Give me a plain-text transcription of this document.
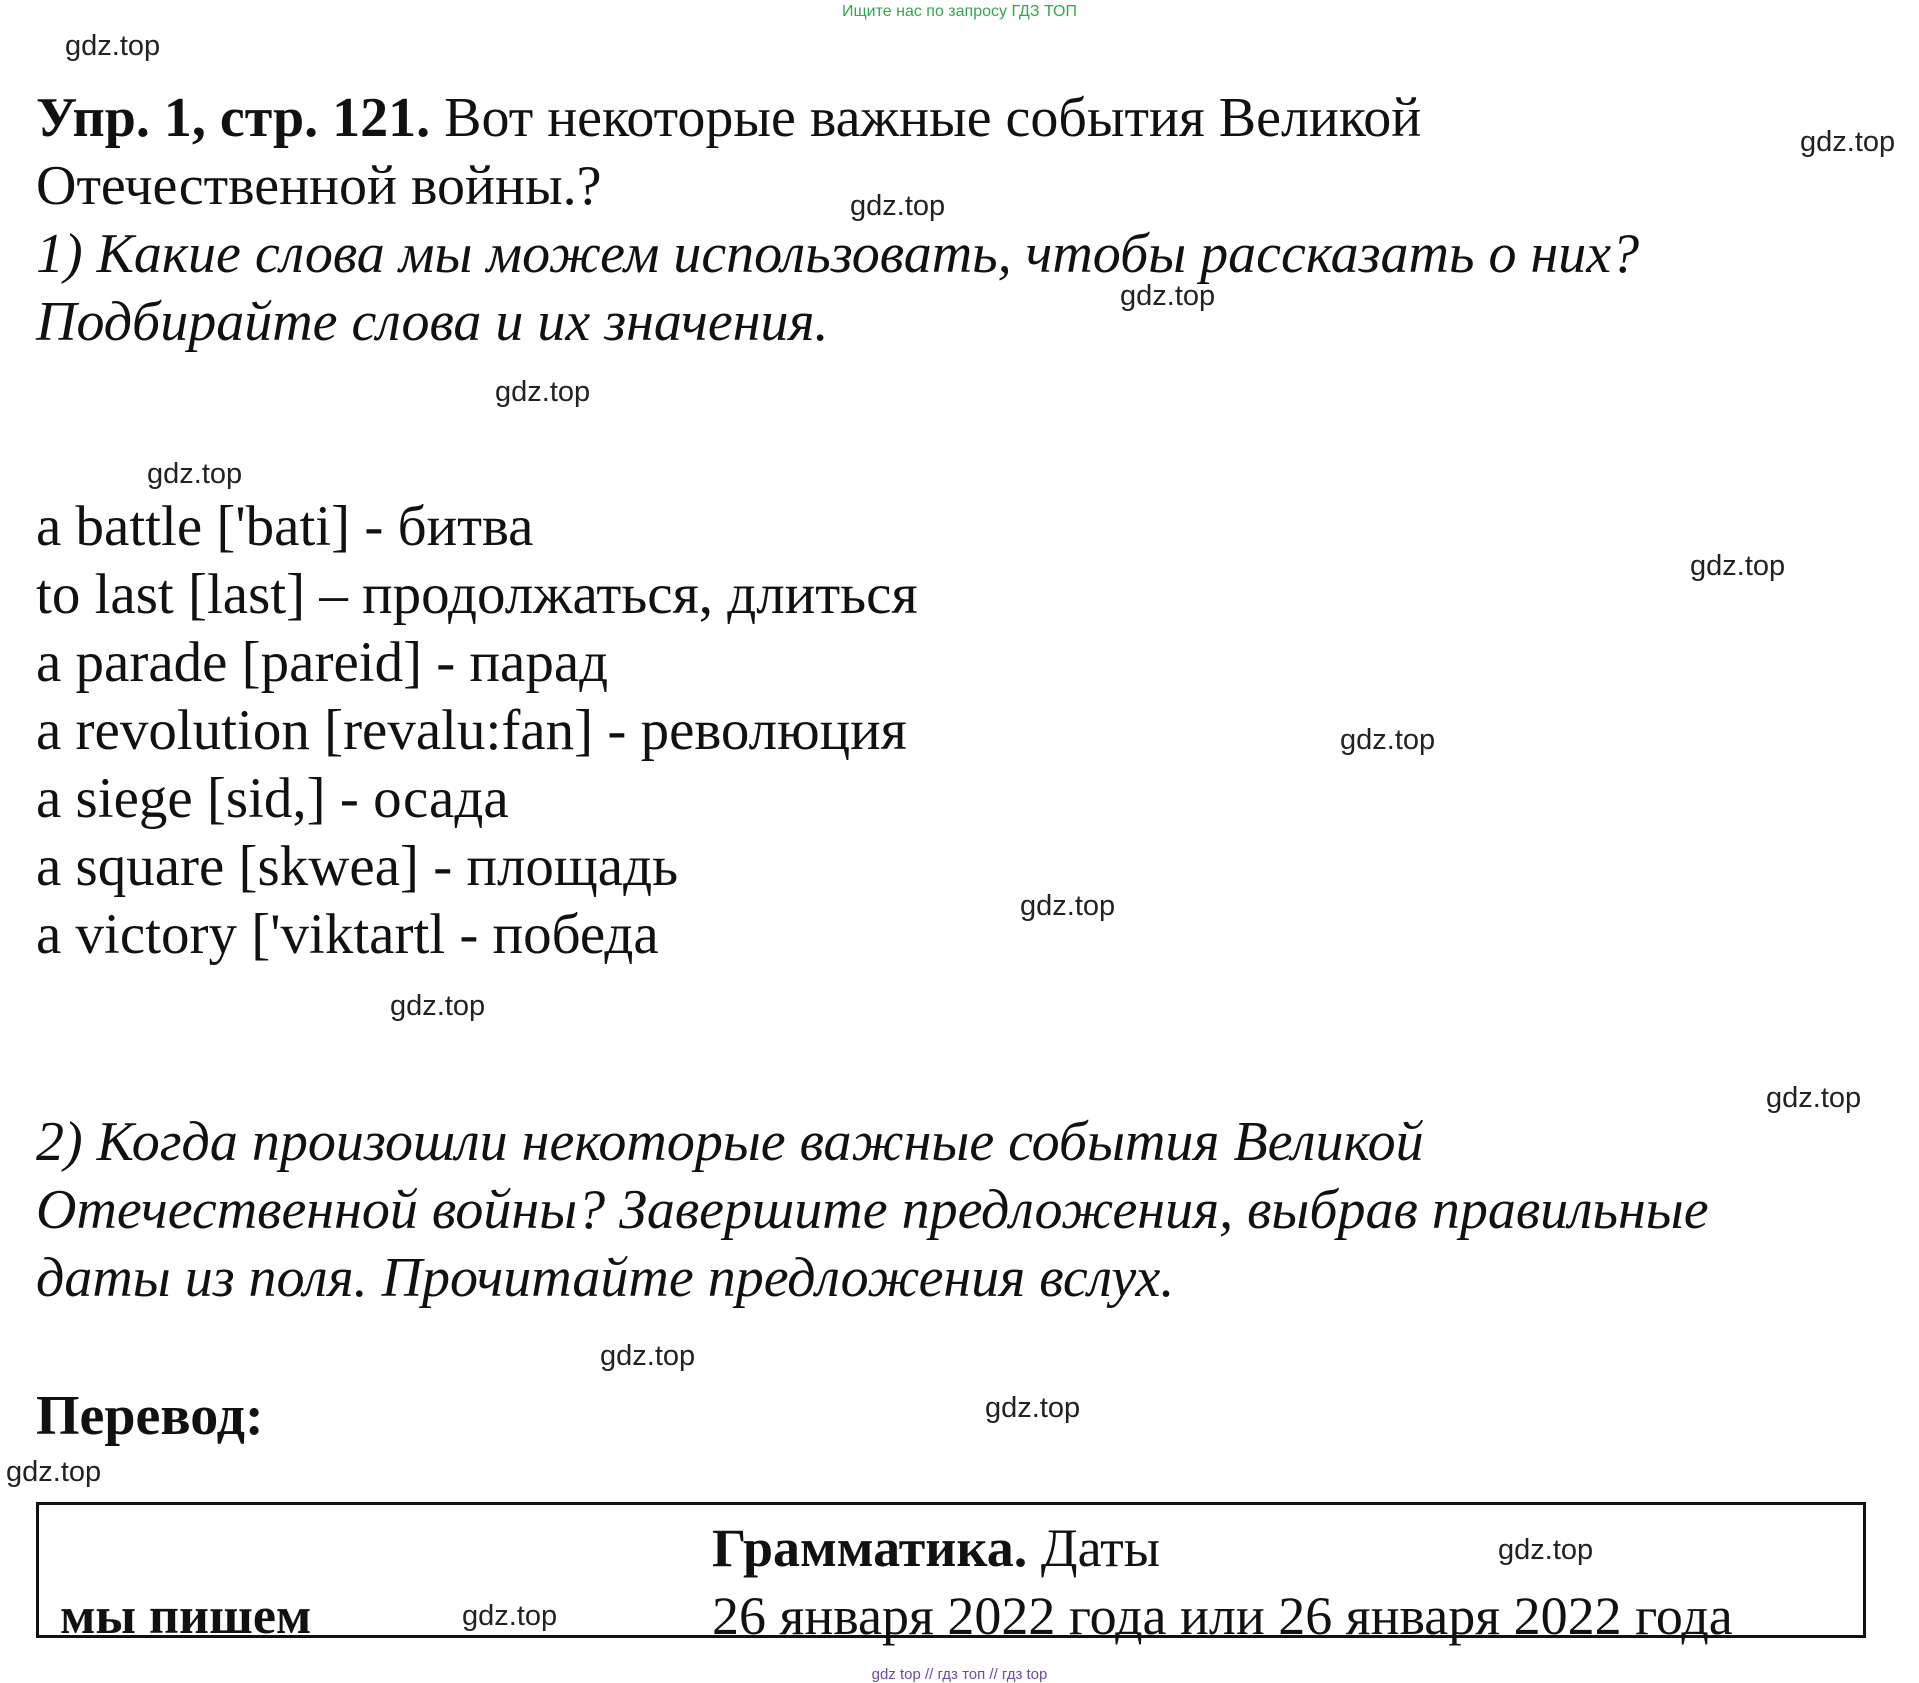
Ищите нас по запросу ГДЗ ТОП
Упр. 1, стр. 121. Вот некоторые важные события Великой
Отечественной войны.?
1) Какие слова мы можем использовать, чтобы рассказать о них?
Подбирайте слова и их значения.
a battle ['bati] - битва
to last [last] – продолжаться, длиться
a parade [pareid] - парад
a revolution [revalu:fan] - революция
a siege [sid,] - осада
a square [skwea] - площадь
a victory ['viktartl - победа
2) Когда произошли некоторые важные события Великой
Отечественной войны? Завершите предложения, выбрав правильные
даты из поля. Прочитайте предложения вслух.
Перевод:
Грамматика. Даты
мы пишем	26 января 2022 года или 26 января 2022 года
gdz.top
gdz.top
gdz.top
gdz.top
gdz.top
gdz.top
gdz.top
gdz.top
gdz.top
gdz.top
gdz.top
gdz.top
gdz.top
gdz.top
gdz.top
gdz.top
gdz top // гдз топ // гдз top
